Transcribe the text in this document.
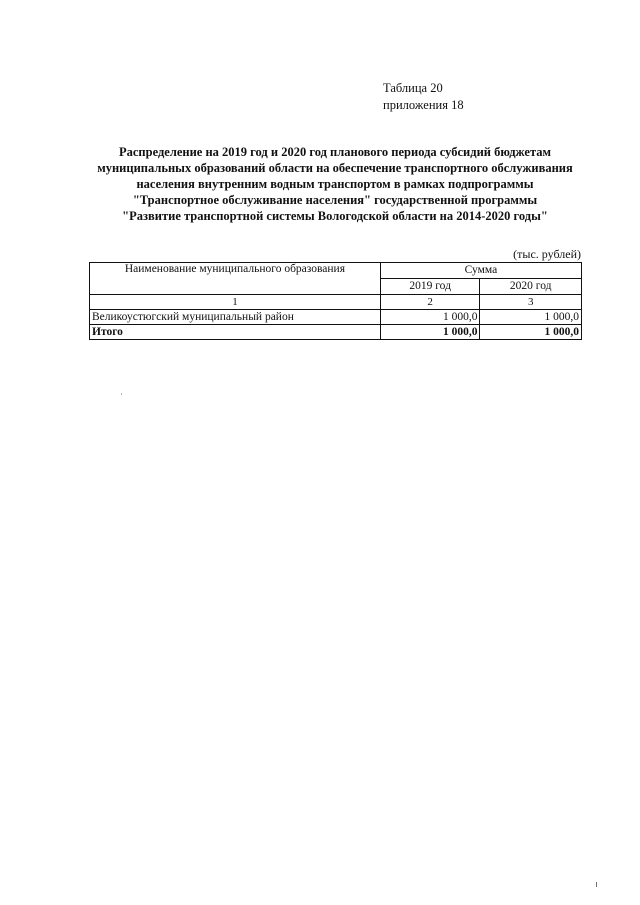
Таблица 20
приложения 18
Распределение на 2019 год и 2020 год планового периода субсидий бюджетам
муниципальных образований области на обеспечение транспортного обслуживания
населения внутренним водным транспортом в рамках подпрограммы
"Транспортное обслуживание населения" государственной программы
"Развитие транспортной системы Вологодской области на 2014-2020 годы"
(тыс. рублей)
Наименование муниципального образования	Сумма	
	2019 год	2020 год
1	2	3
Великоустюгский муниципальный район	1 000,0	1 000,0
Итого	1 000,0	1 000,0
